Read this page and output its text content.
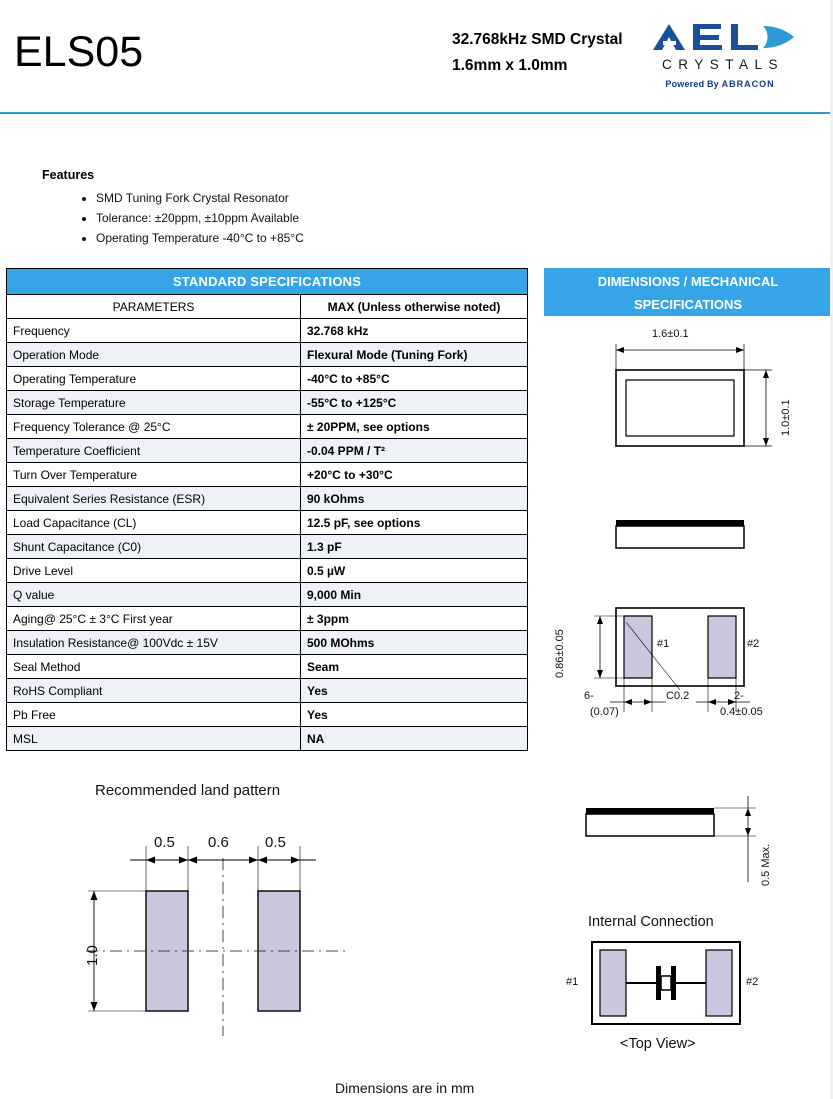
ELS05	32.768kHz SMD Crystal
1.6mm x 1.0mm	CRYSTALS
Powered By ABRACON
Features
• SMD Tuning Fork Crystal Resonator
• Tolerance: ±20ppm, ±10ppm Available
• Operating Temperature -40°C to +85°C
STANDARD SPECIFICATIONS	
PARAMETERS	MAX (Unless otherwise noted)
Frequency	32.768 kHz
Operation Mode	Flexural Mode (Tuning Fork)
Operating Temperature	-40°C to +85°C
Storage Temperature	-55°C to +125°C
Frequency Tolerance @ 25°C	± 20PPM, see options
Temperature Coefficient	-0.04 PPM / T²
Turn Over Temperature	+20°C to +30°C
Equivalent Series Resistance (ESR)	90 kOhms
Load Capacitance (CL)	12.5 pF, see options
Shunt Capacitance (C0)	1.3 pF
Drive Level	0.5 µW
Q value	9,000 Min
Aging@ 25°C ± 3°C First year	± 3ppm
Insulation Resistance@ 100Vdc ± 15V	500 MOhms
Seal Method	Seam
RoHS Compliant	Yes
Pb Free	Yes
MSL	NA
DIMENSIONS / MECHANICAL
SPECIFICATIONS
1.6±0.1
1.0±0.1
0.86±0.05	#1	#2
6-
(0.07)
C0.2	2-
0.4±0.05
0.5 Max.
Internal Connection
#1	#2
<Top View>
Recommended land pattern
0.5 0.6 0.5
1.0
Dimensions are in mm
